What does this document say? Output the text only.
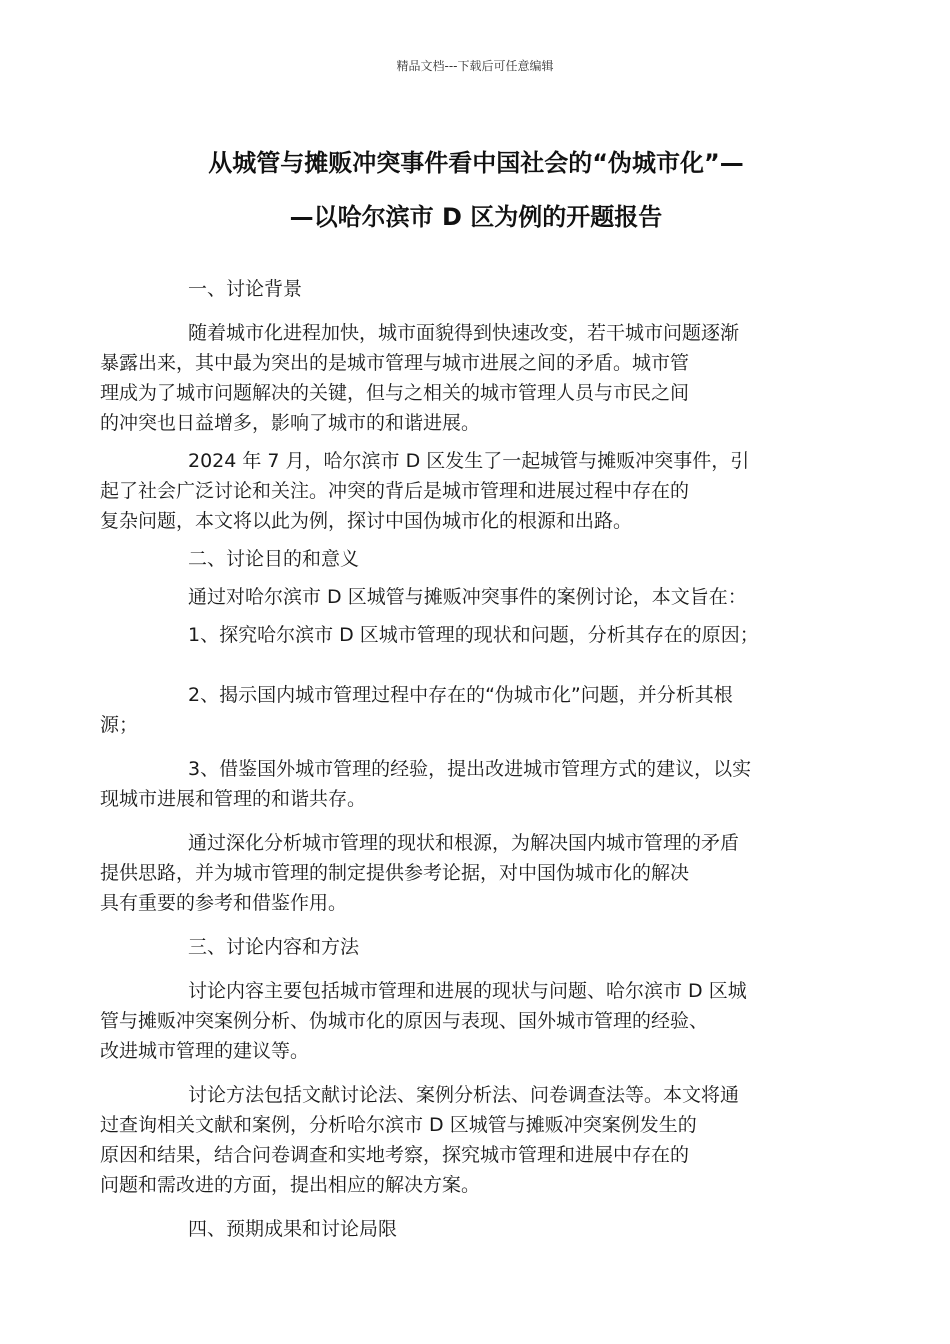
精品文档---下载后可任意编辑
从城管与摊贩冲突事件看中国社会的“伪城市化”—
—以哈尔滨市 D 区为例的开题报告

一、讨论背景

随着城市化进程加快，城市面貌得到快速改变，若干城市问题逐渐
暴露出来，其中最为突出的是城市管理与城市进展之间的矛盾。城市管
理成为了城市问题解决的关键，但与之相关的城市管理人员与市民之间
的冲突也日益增多，影响了城市的和谐进展。

2024 年 7 月，哈尔滨市 D 区发生了一起城管与摊贩冲突事件，引
起了社会广泛讨论和关注。冲突的背后是城市管理和进展过程中存在的
复杂问题，本文将以此为例，探讨中国伪城市化的根源和出路。

二、讨论目的和意义

通过对哈尔滨市 D 区城管与摊贩冲突事件的案例讨论，本文旨在：

1、探究哈尔滨市 D 区城市管理的现状和问题，分析其存在的原因；

2、揭示国内城市管理过程中存在的“伪城市化”问题，并分析其根
源；

3、借鉴国外城市管理的经验，提出改进城市管理方式的建议，以实
现城市进展和管理的和谐共存。

通过深化分析城市管理的现状和根源，为解决国内城市管理的矛盾
提供思路，并为城市管理的制定提供参考论据，对中国伪城市化的解决
具有重要的参考和借鉴作用。

三、讨论内容和方法

讨论内容主要包括城市管理和进展的现状与问题、哈尔滨市 D 区城
管与摊贩冲突案例分析、伪城市化的原因与表现、国外城市管理的经验、
改进城市管理的建议等。

讨论方法包括文献讨论法、案例分析法、问卷调查法等。本文将通
过查询相关文献和案例，分析哈尔滨市 D 区城管与摊贩冲突案例发生的
原因和结果，结合问卷调查和实地考察，探究城市管理和进展中存在的
问题和需改进的方面，提出相应的解决方案。

四、预期成果和讨论局限
